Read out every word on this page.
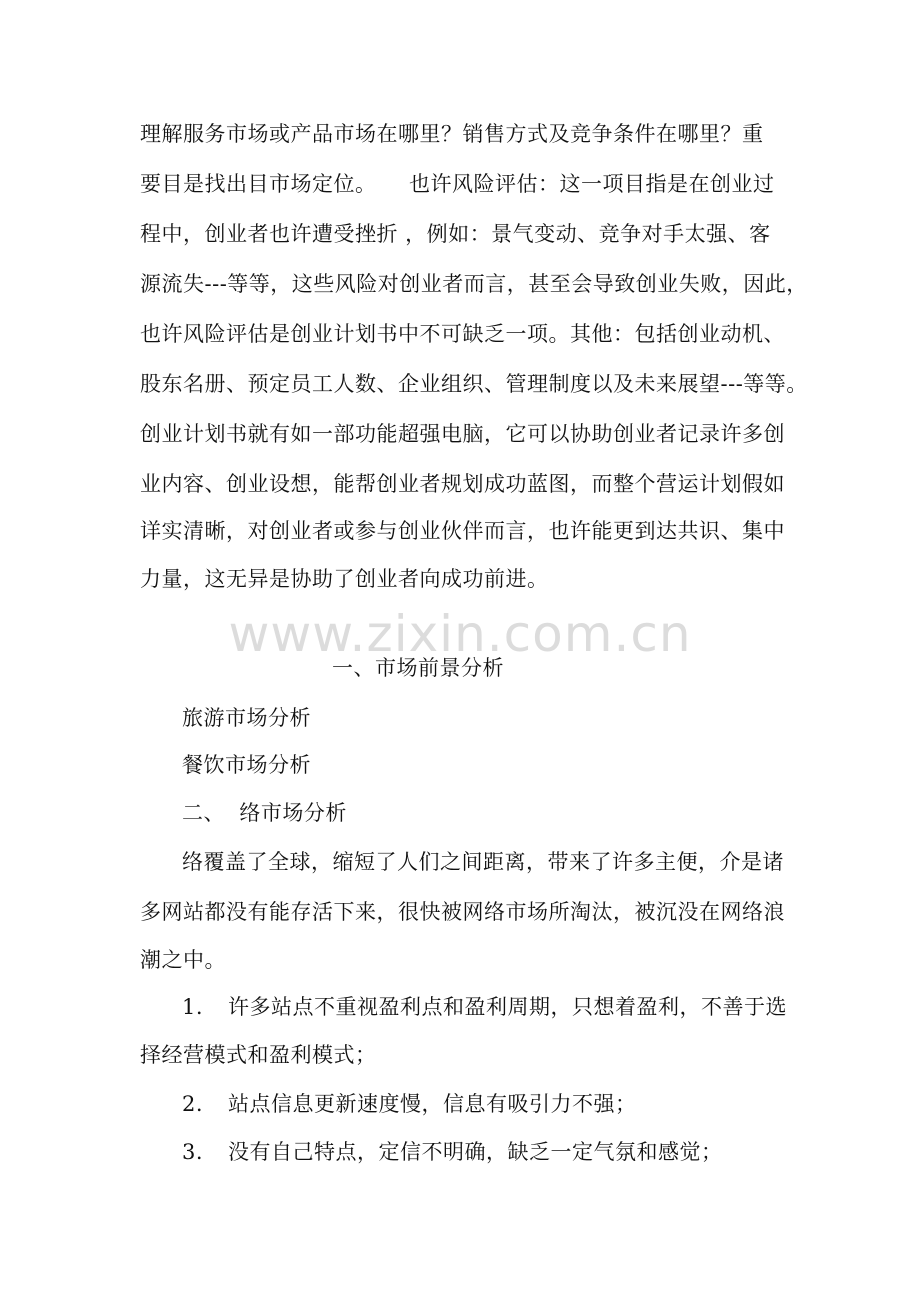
www.zixin.com.cn
理解服务市场或产品市场在哪里？销售方式及竞争条件在哪里？重
要目是找出目市场定位。　　也许风险评估：这一项目指是在创业过
程中，创业者也许遭受挫折 ，例如：景气变动、竞争对手太强、客
源流失---等等，这些风险对创业者而言，甚至会导致创业失败，因此，
也许风险评估是创业计划书中不可缺乏一项。其他：包括创业动机、
股东名册、预定员工人数、企业组织、管理制度以及未来展望---等等。
创业计划书就有如一部功能超强电脑，它可以协助创业者记录许多创
业内容、创业设想，能帮创业者规划成功蓝图，而整个营运计划假如
详实清晰，对创业者或参与创业伙伴而言，也许能更到达共识、集中
力量，这无异是协助了创业者向成功前进。
一、市场前景分析
旅游市场分析
餐饮市场分析
二、  络市场分析
络覆盖了全球，缩短了人们之间距离，带来了许多主便，介是诸
多网站都没有能存活下来，很快被网络市场所淘汰，被沉没在网络浪
潮之中。
1. 许多站点不重视盈利点和盈利周期，只想着盈利，不善于选
择经营模式和盈利模式；
2. 站点信息更新速度慢，信息有吸引力不强；
3. 没有自己特点，定信不明确，缺乏一定气氛和感觉；
